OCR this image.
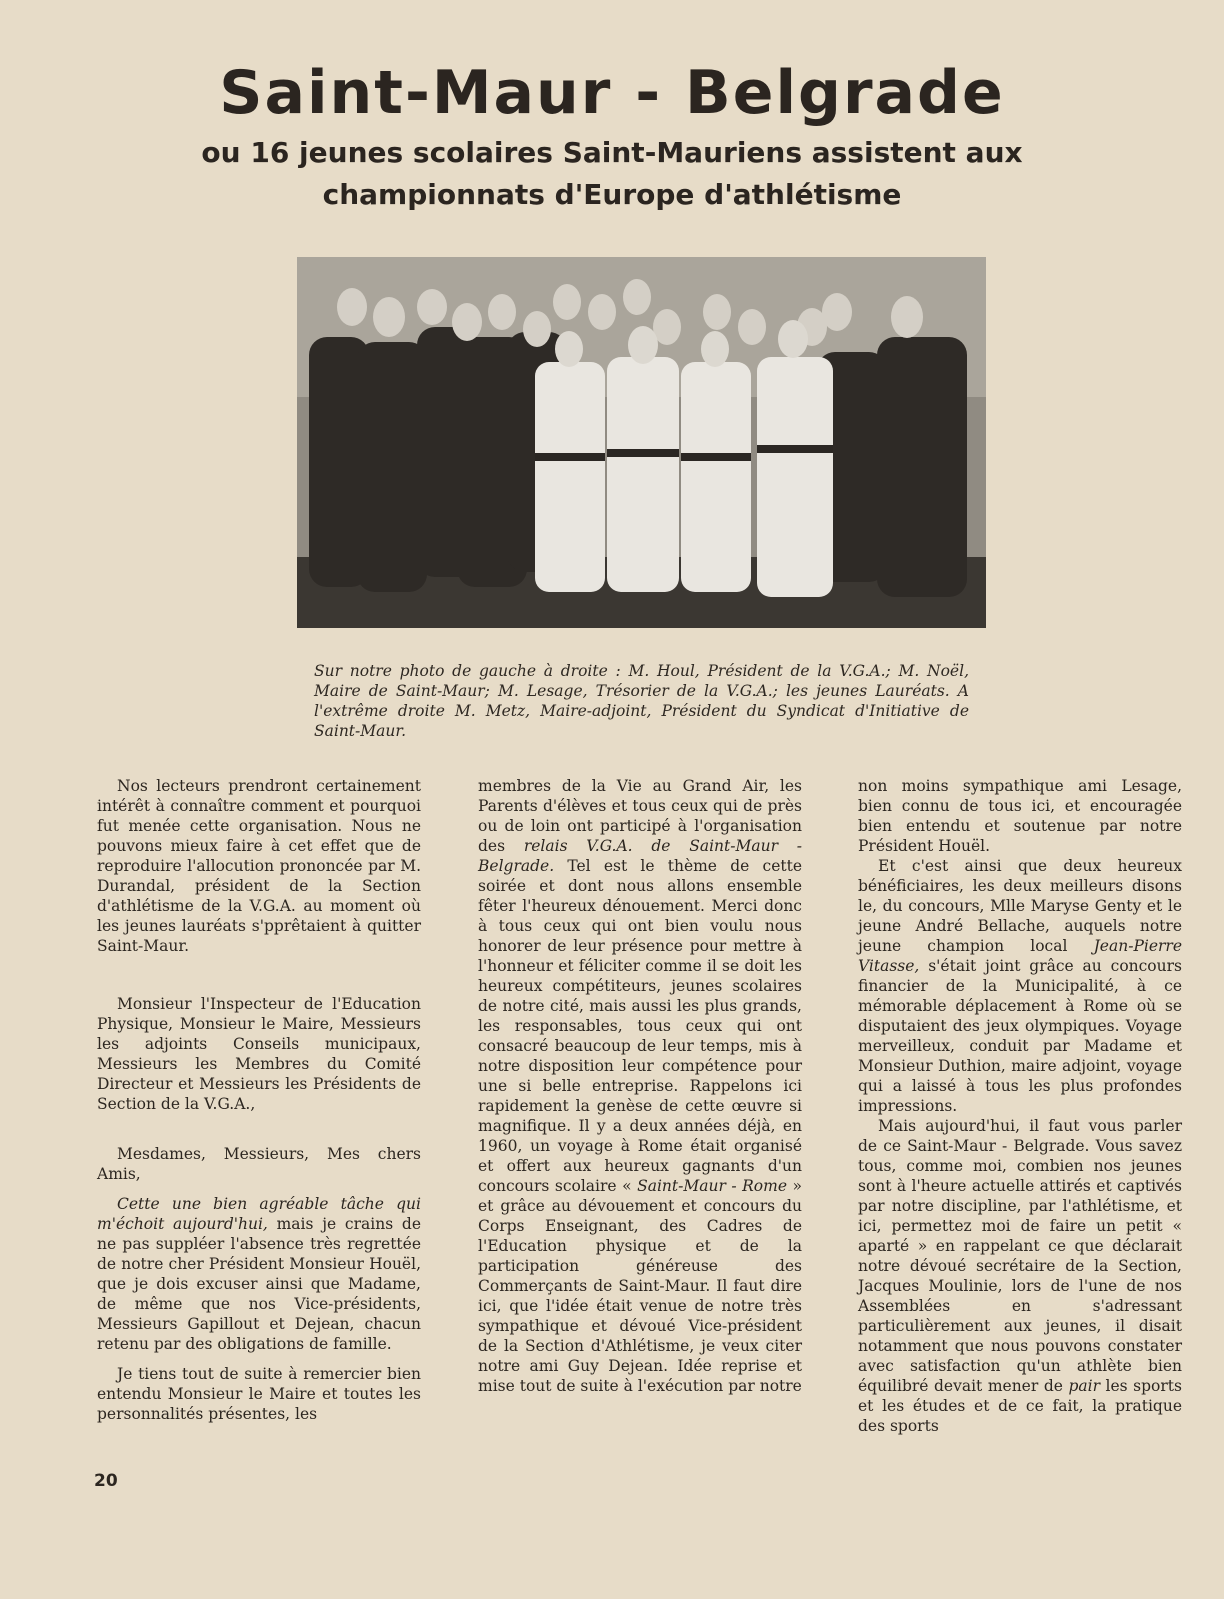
Saint-Maur - Belgrade
ou 16 jeunes scolaires Saint-Mauriens assistent aux championnats d'Europe d'athlétisme

Sur notre photo de gauche à droite : M. Houl, Président de la V.G.A.; M. Noël, Maire de Saint-Maur; M. Lesage, Trésorier de la V.G.A.; les jeunes Lauréats. A l'extrême droite M. Metz, Maire-adjoint, Président du Syndicat d'Initiative de Saint-Maur.

Nos lecteurs prendront certainement intérêt à connaître comment et pourquoi fut menée cette organisation. Nous ne pouvons mieux faire à cet effet que de reproduire l'allocution prononcée par M. Durandal, président de la Section d'athlétisme de la V.G.A. au moment où les jeunes lauréats s'pprêtaient à quitter Saint-Maur.

Monsieur l'Inspecteur de l'Education Physique, Monsieur le Maire, Messieurs les adjoints Conseils municipaux, Messieurs les Membres du Comité Directeur et Messieurs les Présidents de Section de la V.G.A.,

Mesdames, Messieurs, Mes chers Amis,

Cette une bien agréable tâche qui m'échoit aujourd'hui, mais je crains de ne pas suppléer l'absence très regrettée de notre cher Président Monsieur Houël, que je dois excuser ainsi que Madame, de même que nos Vice-présidents, Messieurs Gapillout et Dejean, chacun retenu par des obligations de famille.

Je tiens tout de suite à remercier bien entendu Monsieur le Maire et toutes les personnalités présentes, les

membres de la Vie au Grand Air, les Parents d'élèves et tous ceux qui de près ou de loin ont participé à l'organisation des relais V.G.A. de Saint-Maur - Belgrade. Tel est le thème de cette soirée et dont nous allons ensemble fêter l'heureux dénouement. Merci donc à tous ceux qui ont bien voulu nous honorer de leur présence pour mettre à l'honneur et féliciter comme il se doit les heureux compétiteurs, jeunes scolaires de notre cité, mais aussi les plus grands, les responsables, tous ceux qui ont consacré beaucoup de leur temps, mis à notre disposition leur compétence pour une si belle entreprise. Rappelons ici rapidement la genèse de cette œuvre si magnifique. Il y a deux années déjà, en 1960, un voyage à Rome était organisé et offert aux heureux gagnants d'un concours scolaire « Saint-Maur - Rome » et grâce au dévouement et concours du Corps Enseignant, des Cadres de l'Education physique et de la participation généreuse des Commerçants de Saint-Maur. Il faut dire ici, que l'idée était venue de notre très sympathique et dévoué Vice-président de la Section d'Athlétisme, je veux citer notre ami Guy Dejean. Idée reprise et mise tout de suite à l'exécution par notre

non moins sympathique ami Lesage, bien connu de tous ici, et encouragée bien entendu et soutenue par notre Président Houël.

Et c'est ainsi que deux heureux bénéficiaires, les deux meilleurs disons le, du concours, Mlle Maryse Genty et le jeune André Bellache, auquels notre jeune champion local Jean-Pierre Vitasse, s'était joint grâce au concours financier de la Municipalité, à ce mémorable déplacement à Rome où se disputaient des jeux olympiques. Voyage merveilleux, conduit par Madame et Monsieur Duthion, maire adjoint, voyage qui a laissé à tous les plus profondes impressions.

Mais aujourd'hui, il faut vous parler de ce Saint-Maur - Belgrade. Vous savez tous, comme moi, combien nos jeunes sont à l'heure actuelle attirés et captivés par notre discipline, par l'athlétisme, et ici, permettez moi de faire un petit « aparté » en rappelant ce que déclarait notre dévoué secrétaire de la Section, Jacques Moulinie, lors de l'une de nos Assemblées en s'adressant particulièrement aux jeunes, il disait notamment que nous pouvons constater avec satisfaction qu'un athlète bien équilibré devait mener de pair les sports et les études et de ce fait, la pratique des sports

20
